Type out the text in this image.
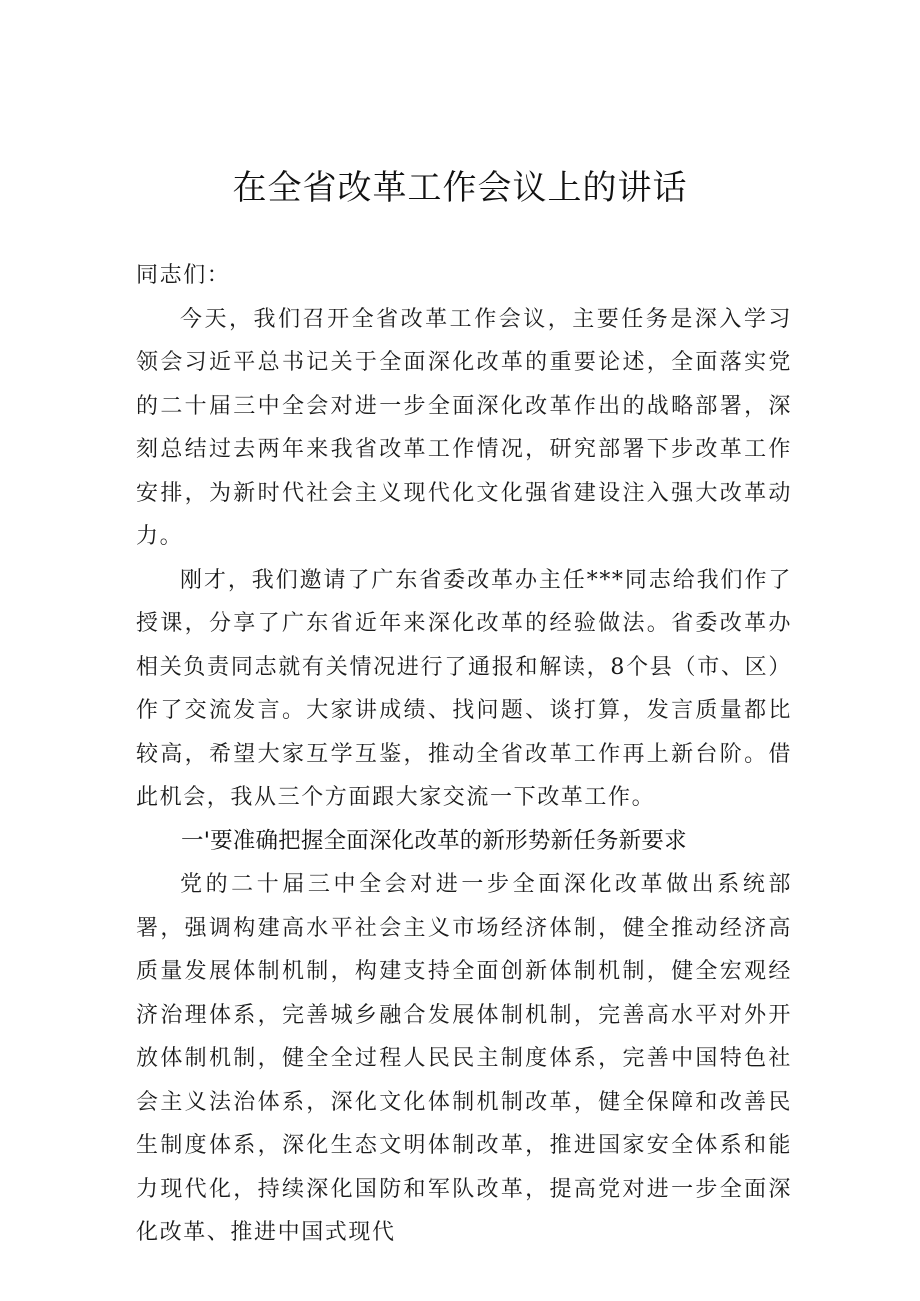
在全省改革工作会议上的讲话

同志们：

今天，我们召开全省改革工作会议，主要任务是深入学习领会习近平总书记关于全面深化改革的重要论述，全面落实党的二十届三中全会对进一步全面深化改革作出的战略部署，深刻总结过去两年来我省改革工作情况，研究部署下步改革工作安排，为新时代社会主义现代化文化强省建设注入强大改革动力。

刚才，我们邀请了广东省委改革办主任***同志给我们作了授课，分享了广东省近年来深化改革的经验做法。省委改革办相关负责同志就有关情况进行了通报和解读，8个县（市、区）作了交流发言。大家讲成绩、找问题、谈打算，发言质量都比较高，希望大家互学互鉴，推动全省改革工作再上新台阶。借此机会，我从三个方面跟大家交流一下改革工作。

一'要准确把握全面深化改革的新形势新任务新要求

党的二十届三中全会对进一步全面深化改革做出系统部署，强调构建高水平社会主义市场经济体制，健全推动经济高质量发展体制机制，构建支持全面创新体制机制，健全宏观经济治理体系，完善城乡融合发展体制机制，完善高水平对外开放体制机制，健全全过程人民民主制度体系，完善中国特色社会主义法治体系，深化文化体制机制改革，健全保障和改善民生制度体系，深化生态文明体制改革，推进国家安全体系和能力现代化，持续深化国防和军队改革，提高党对进一步全面深化改革、推进中国式现代
